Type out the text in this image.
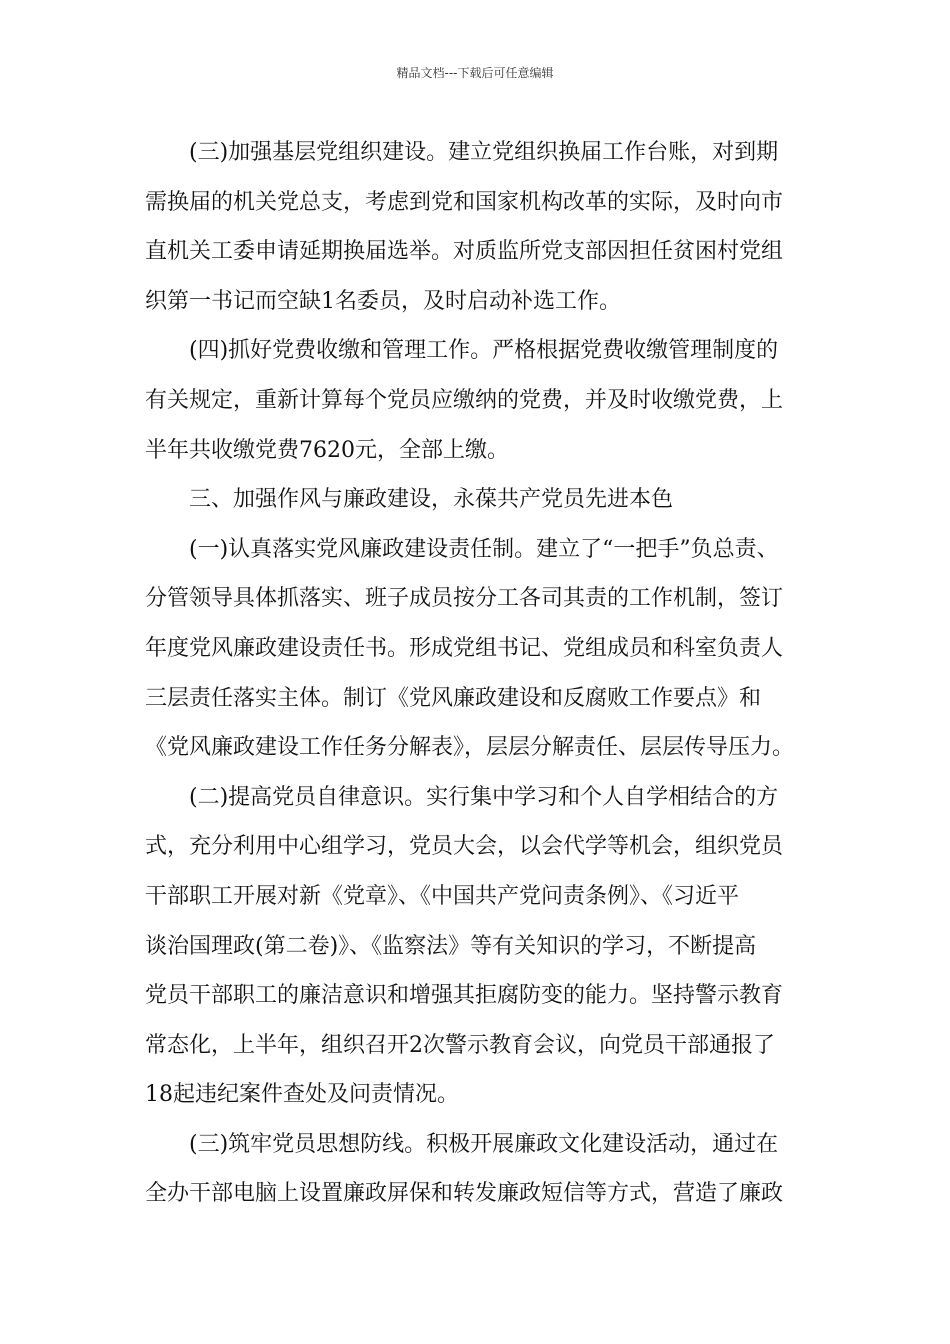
精品文档---下载后可任意编辑
(三)加强基层党组织建设。建立党组织换届工作台账，对到期
需换届的机关党总支，考虑到党和国家机构改革的实际，及时向市
直机关工委申请延期换届选举。对质监所党支部因担任贫困村党组
织第一书记而空缺1名委员，及时启动补选工作。
(四)抓好党费收缴和管理工作。严格根据党费收缴管理制度的
有关规定，重新计算每个党员应缴纳的党费，并及时收缴党费，上
半年共收缴党费7620元，全部上缴。
三、加强作风与廉政建设，永葆共产党员先进本色
(一)认真落实党风廉政建设责任制。建立了“一把手”负总责、
分管领导具体抓落实、班子成员按分工各司其责的工作机制，签订
年度党风廉政建设责任书。形成党组书记、党组成员和科室负责人
三层责任落实主体。制订《党风廉政建设和反腐败工作要点》和
《党风廉政建设工作任务分解表》，层层分解责任、层层传导压力。
(二)提高党员自律意识。实行集中学习和个人自学相结合的方
式，充分利用中心组学习，党员大会，以会代学等机会，组织党员
干部职工开展对新《党章》、《中国共产党问责条例》、《习近平
谈治国理政(第二卷)》、《监察法》等有关知识的学习，不断提高
党员干部职工的廉洁意识和增强其拒腐防变的能力。坚持警示教育
常态化，上半年，组织召开2次警示教育会议，向党员干部通报了
18起违纪案件查处及问责情况。
(三)筑牢党员思想防线。积极开展廉政文化建设活动，通过在
全办干部电脑上设置廉政屏保和转发廉政短信等方式，营造了廉政
